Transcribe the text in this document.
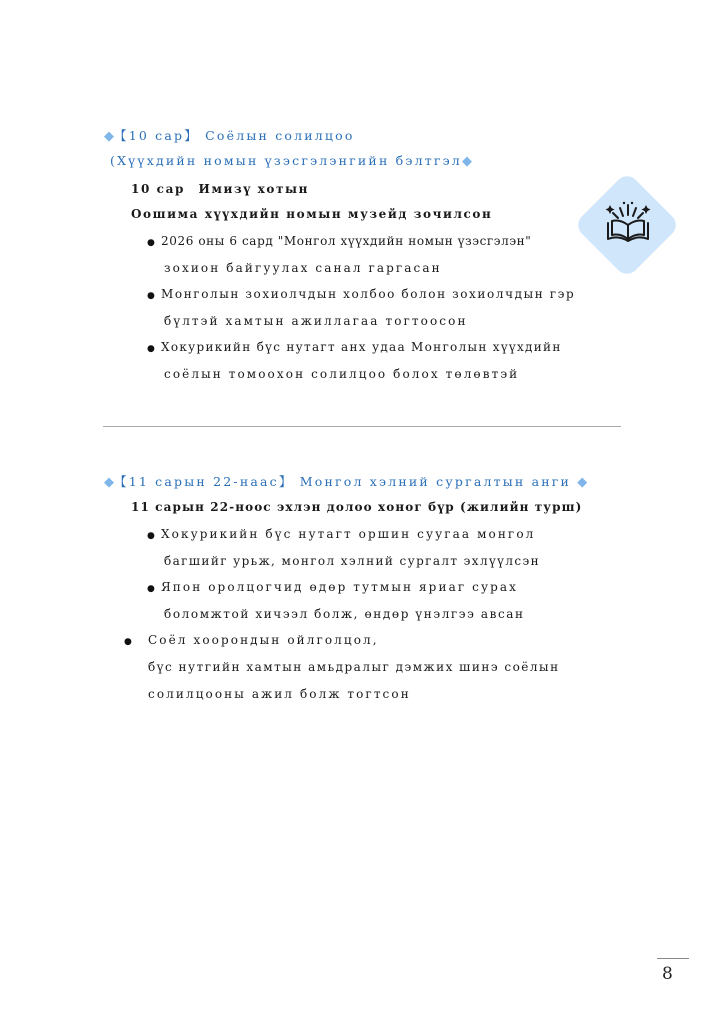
◆【10 сар】 Соёлын солилцоо
(Хүүхдийн номын үзэсгэлэнгийн бэлтгэл◆
10 сар　Имизү хотын
Оошима хүүхдийн номын музейд зочилсон
● 2026 оны 6 сард "Монгол хүүхдийн номын үзэсгэлэн"
зохион байгуулах санал гаргасан
● Монголын зохиолчдын холбоо болон зохиолчдын гэр
бүлтэй хамтын ажиллагаа тогтоосон
● Хокурикийн бүс нутагт анх удаа Монголын хүүхдийн
соёлын томоохон солилцоо болох төлөвтэй
◆【11 сарын 22-наас】 Монгол хэлний сургалтын анги ◆
11 сарын 22-ноос эхлэн долоо хоног бүр (жилийн турш)
● Хокурикийн бүс нутагт оршин суугаа монгол
багшийг урьж, монгол хэлний сургалт эхлүүлсэн
● Япон оролцогчид өдөр тутмын яриаг сурах
боломжтой хичээл болж, өндөр үнэлгээ авсан
● Соёл хоорондын ойлголцол,
бүс нутгийн хамтын амьдралыг дэмжих шинэ соёлын
солилцооны ажил болж тогтсон
8
